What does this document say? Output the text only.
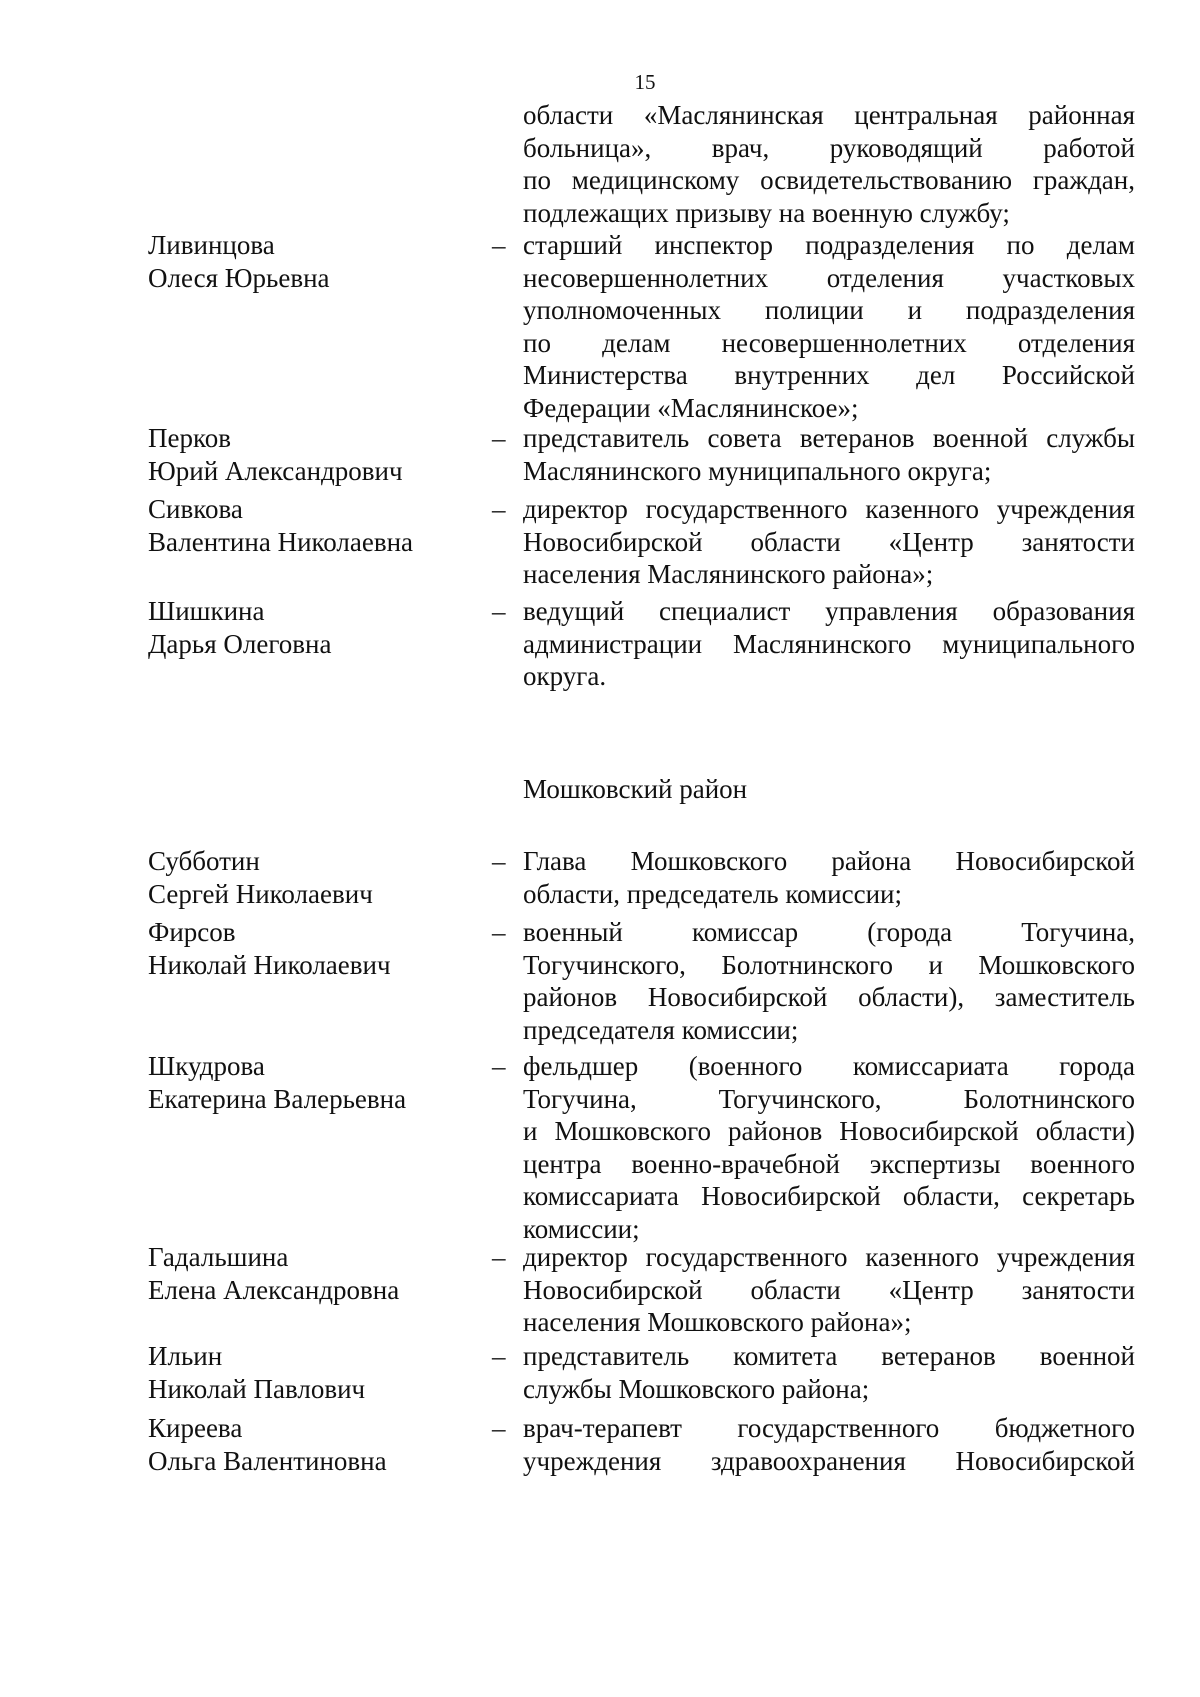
15
области «Маслянинская центральная районная
больница», врач, руководящий работой
по медицинскому освидетельствованию граждан,
подлежащих призыву на военную службу;
Ливинцова
Олеся Юрьевна
– старший инспектор подразделения по делам
несовершеннолетних отделения участковых
уполномоченных полиции и подразделения
по делам несовершеннолетних отделения
Министерства внутренних дел Российской
Федерации «Маслянинское»;
Перков
Юрий Александрович
– представитель совета ветеранов военной службы
Маслянинского муниципального округа;
Сивкова
Валентина Николаевна
– директор государственного казенного учреждения
Новосибирской области «Центр занятости
населения Маслянинского района»;
Шишкина
Дарья Олеговна
– ведущий специалист управления образования
администрации Маслянинского муниципального
округа.
Мошковский район
Субботин
Сергей Николаевич
– Глава Мошковского района Новосибирской
области, председатель комиссии;
Фирсов
Николай Николаевич
– военный комиссар (города Тогучина,
Тогучинского, Болотнинского и Мошковского
районов Новосибирской области), заместитель
председателя комиссии;
Шкудрова
Екатерина Валерьевна
– фельдшер (военного комиссариата города
Тогучина, Тогучинского, Болотнинского
и Мошковского районов Новосибирской области)
центра военно-врачебной экспертизы военного
комиссариата Новосибирской области, секретарь
комиссии;
Гадальшина
Елена Александровна
– директор государственного казенного учреждения
Новосибирской области «Центр занятости
населения Мошковского района»;
Ильин
Николай Павлович
– представитель комитета ветеранов военной
службы Мошковского района;
Киреева
Ольга Валентиновна
– врач-терапевт государственного бюджетного
учреждения здравоохранения Новосибирской
